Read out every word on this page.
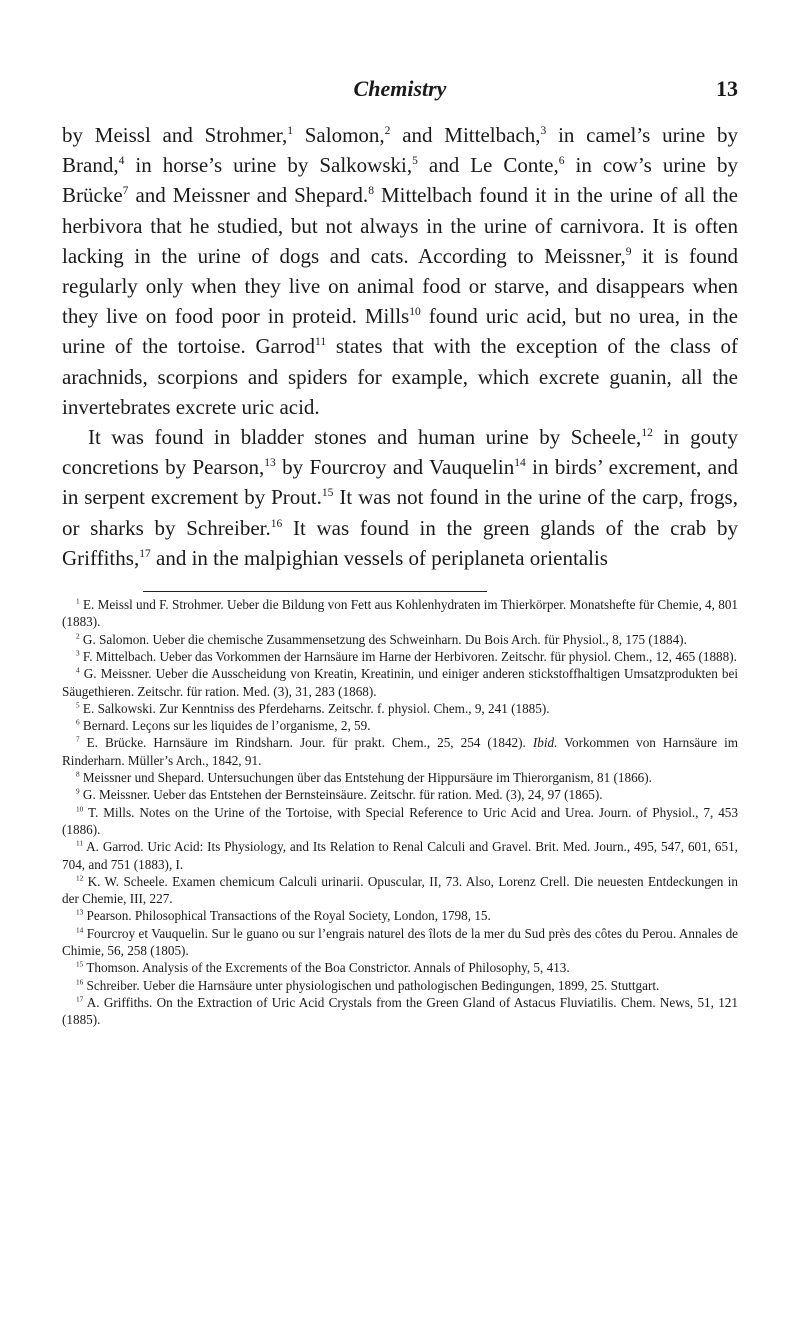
Chemistry	13

by Meissl and Strohmer,$^1$ Salomon,$^2$ and Mittelbach,$^3$ in camel’s urine by Brand,$^4$ in horse’s urine by Salkowski,$^5$ and Le Conte,$^6$ in cow’s urine by Brücke$^7$ and Meissner and Shepard.$^8$ Mittelbach found it in the urine of all the herbivora that he studied, but not always in the urine of carnivora. It is often lacking in the urine of dogs and cats. According to Meissner,$^9$ it is found regularly only when they live on animal food or starve, and disappears when they live on food poor in proteid. Mills$^{10}$ found uric acid, but no urea, in the urine of the tortoise. Garrod$^{11}$ states that with the exception of the class of arachnids, scorpions and spiders for example, which excrete guanin, all the invertebrates excrete uric acid.

It was found in bladder stones and human urine by Scheele,$^{12}$ in gouty concretions by Pearson,$^{13}$ by Fourcroy and Vauquelin$^{14}$ in birds’ excrement, and in serpent excrement by Prout.$^{15}$ It was not found in the urine of the carp, frogs, or sharks by Schreiber.$^{16}$ It was found in the green glands of the crab by Griffiths,$^{17}$ and in the malpighian vessels of periplaneta orientalis

$^1$ E. Meissl und F. Strohmer. Ueber die Bildung von Fett aus Kohlenhydraten im Thierkörper. Monatshefte für Chemie, 4, 801 (1883).

$^2$ G. Salomon. Ueber die chemische Zusammensetzung des Schweinharn. Du Bois Arch. für Physiol., 8, 175 (1884).

$^3$ F. Mittelbach. Ueber das Vorkommen der Harnsäure im Harne der Herbivoren. Zeitschr. für physiol. Chem., 12, 465 (1888).

$^4$ G. Meissner. Ueber die Ausscheidung von Kreatin, Kreatinin, und einiger anderen stickstoffhaltigen Umsatzprodukten bei Säugethieren. Zeitschr. für ration. Med. (3), 31, 283 (1868).

$^5$ E. Salkowski. Zur Kenntniss des Pferdeharns. Zeitschr. f. physiol. Chem., 9, 241 (1885).

$^6$ Bernard. Leçons sur les liquides de l’organisme, 2, 59.

$^7$ E. Brücke. Harnsäure im Rindsharn. Jour. für prakt. Chem., 25, 254 (1842). Ibid. Vorkommen von Harnsäure im Rinderharn. Müller’s Arch., 1842, 91.

$^8$ Meissner und Shepard. Untersuchungen über das Entstehung der Hippursäure im Thierorganism, 81 (1866).

$^9$ G. Meissner. Ueber das Entstehen der Bernsteinsäure. Zeitschr. für ration. Med. (3), 24, 97 (1865).

$^{10}$ T. Mills. Notes on the Urine of the Tortoise, with Special Reference to Uric Acid and Urea. Journ. of Physiol., 7, 453 (1886).

$^{11}$ A. Garrod. Uric Acid: Its Physiology, and Its Relation to Renal Calculi and Gravel. Brit. Med. Journ., 495, 547, 601, 651, 704, and 751 (1883), I.

$^{12}$ K. W. Scheele. Examen chemicum Calculi urinarii. Opuscular, II, 73. Also, Lorenz Crell. Die neuesten Entdeckungen in der Chemie, III, 227.

$^{13}$ Pearson. Philosophical Transactions of the Royal Society, London, 1798, 15.

$^{14}$ Fourcroy et Vauquelin. Sur le guano ou sur l’engrais naturel des îlots de la mer du Sud près des côtes du Perou. Annales de Chimie, 56, 258 (1805).

$^{15}$ Thomson. Analysis of the Excrements of the Boa Constrictor. Annals of Philosophy, 5, 413.

$^{16}$ Schreiber. Ueber die Harnsäure unter physiologischen und pathologischen Bedingungen, 1899, 25. Stuttgart.

$^{17}$ A. Griffiths. On the Extraction of Uric Acid Crystals from the Green Gland of Astacus Fluviatilis. Chem. News, 51, 121 (1885).
